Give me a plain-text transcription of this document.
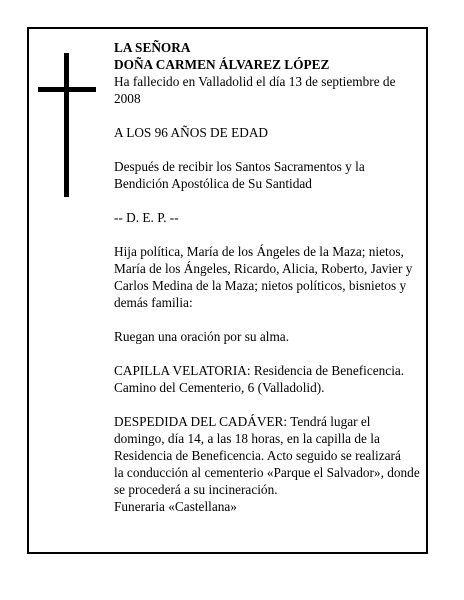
LA SEÑORA

DOÑA CARMEN ÁLVAREZ LÓPEZ

Ha fallecido en Valladolid el día 13 de septiembre de

2008

A LOS 96 AÑOS DE EDAD

Después de recibir los Santos Sacramentos y la

Bendición Apostólica de Su Santidad

-- D. E. P. --

Hija política, María de los Ángeles de la Maza; nietos,

María de los Ángeles, Ricardo, Alicia, Roberto, Javier y

Carlos Medina de la Maza; nietos políticos, bisnietos y

demás familia:

Ruegan una oración por su alma.

CAPILLA VELATORIA: Residencia de Beneficencia.

Camino del Cementerio, 6 (Valladolid).

DESPEDIDA DEL CADÁVER: Tendrá lugar el

domingo, día 14, a las 18 horas, en la capilla de la

Residencia de Beneficencia. Acto seguido se realizará

la conducción al cementerio «Parque el Salvador», donde

se procederá a su incineración.

Funeraria «Castellana»
